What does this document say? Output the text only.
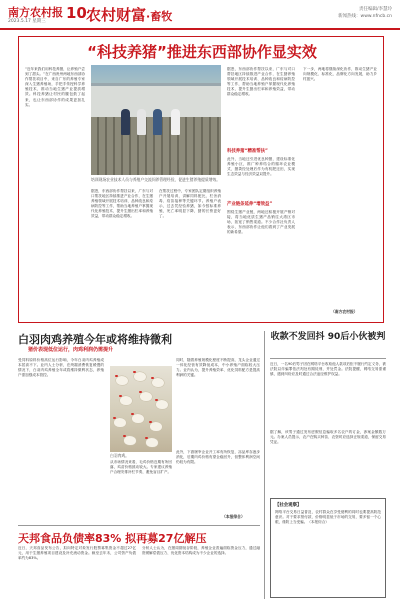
南方农村报
2023.5.17 星期三 10 农村财富·畜牧
责任编辑/李慧玲
新闻热线：www.nfncb.cn
“科技养猪”推进东西部协作显实效
“近年来我们用科技养猪，让养殖户尝到了甜头。”在广西贵州两地东西部协作帮扶项目中，来自广东的养殖专家深入生猪养殖场，手把手传授科学养殖技术，推动当地生猪产业提质增效。科技养猪让村民的腰包鼓了起来，也让东西部协作的成果更加扎实。
培训现场农业技术人员与养殖户交流饲养管理经验，促进生猪养殖提质增效。
据悉，东西部协作帮扶以来，广东与对口帮扶地区持续推进产业合作，在生猪养殖领域开展技术培训、品种改良和疫病防控等工作，帮助当地养殖户掌握现代化养殖技术，提升生猪出栏率和养殖效益，带动群众稳定增收。
在帮扶过程中，专家团队定期组织养殖户开展培训，讲解饲料配比、栏舍消毒、疫苗接种等关键环节。养殖户表示，过去凭经验养猪，如今按标准养殖，死亡率明显下降，猪的长势更好了。
据悉，东西部协作帮扶以来，广东与对口帮扶地区持续推进产业合作，在生猪养殖领域开展技术培训、品种改良和疫病防控等工作，帮助当地养殖户掌握现代化养殖技术，提升生猪出栏率和养殖效益，带动群众稳定增收。
科技养猪“精准帮扶”
此外，当地还引进优良种猪，建设标准化养殖小区，推广种养结合的循环农业模式，猪粪经处理后作为有机肥还田，实现生态效益与经济效益双提升。
产业链条延伸“增效益”
围绕生猪产业链，两地还积极开展产销对接，将当地优质生猪产品销往大湾区市场，拓宽了销售渠道。不少合作社负责人表示，东西部协作让他们看到了产业发展的新希望。
下一步，两地将继续深化协作，推动生猪产业向规模化、标准化、品牌化方向发展，助力乡村振兴。
（南方农村报）
白羽肉鸡养殖今年或将维持微利
猪价表现低位运行，肉鸡利润仍需提升
受饲料原料价格高位运行影响，今年白羽肉鸡养殖成本居高不下。业内人士分析，在终端消费恢复缓慢的情况下，白羽肉鸡养殖全年或将维持微利状态，养殖户需加强成本管控。
白羽肉鸡。
从市场情况来看，毛鸡价格近期有所回落，鸡苗价格波动较大。专家建议养殖户合理安排补栏节奏，避免盲目扩产。
同时，随着养殖规模化程度不断提高，龙头企业通过一体化经营有效降低成本，中小养殖户面临较大压力。业内认为，提升养殖效率、优化饲料配方是提高利润的关键。
此外，下游屠宰企业开工率有所恢复，冻品库存逐步消化，后期肉鸡价格有望企稳回升，但整体利润空间仍较为有限。
（本报综合）
天邦食品负债率83% 拟再募27亿解压
近日，天邦食品发布公告，拟向特定对象发行股票募集资金不超过27亿元，用于生猪养殖项目建设及补充流动资金。截至去年末，公司资产负债率约为83%。
分析人士认为，在猪周期低谷阶段，养殖企业普遍面临资金压力，通过融资缓解偿债压力、优化资本结构成为不少企业的选择。
收款不发回抖 90后小伙被判
近日，一名90后男子因在网络平台收取他人款项后拒不履行约定义务，被法院以诈骗罪依法判处有期徒刑，并处罚金。法院提醒，网络交易需谨慎，遇到纠纷应及时通过合法途径维护权益。
据了解，该男子通过发布虚假信息骗取多名农户的订金，涉案金额数万元。办案人员提示，农户在购买种苗、农资时应选择正规渠道，保留交易凭证。
【社会观察】
网络平台交易日益普及，农村群众在享受便利的同时也要提高防范意识。对于要求预付款、价格明显低于市场的交易，要多留一个心眼，谨防上当受骗。（本报综合）
